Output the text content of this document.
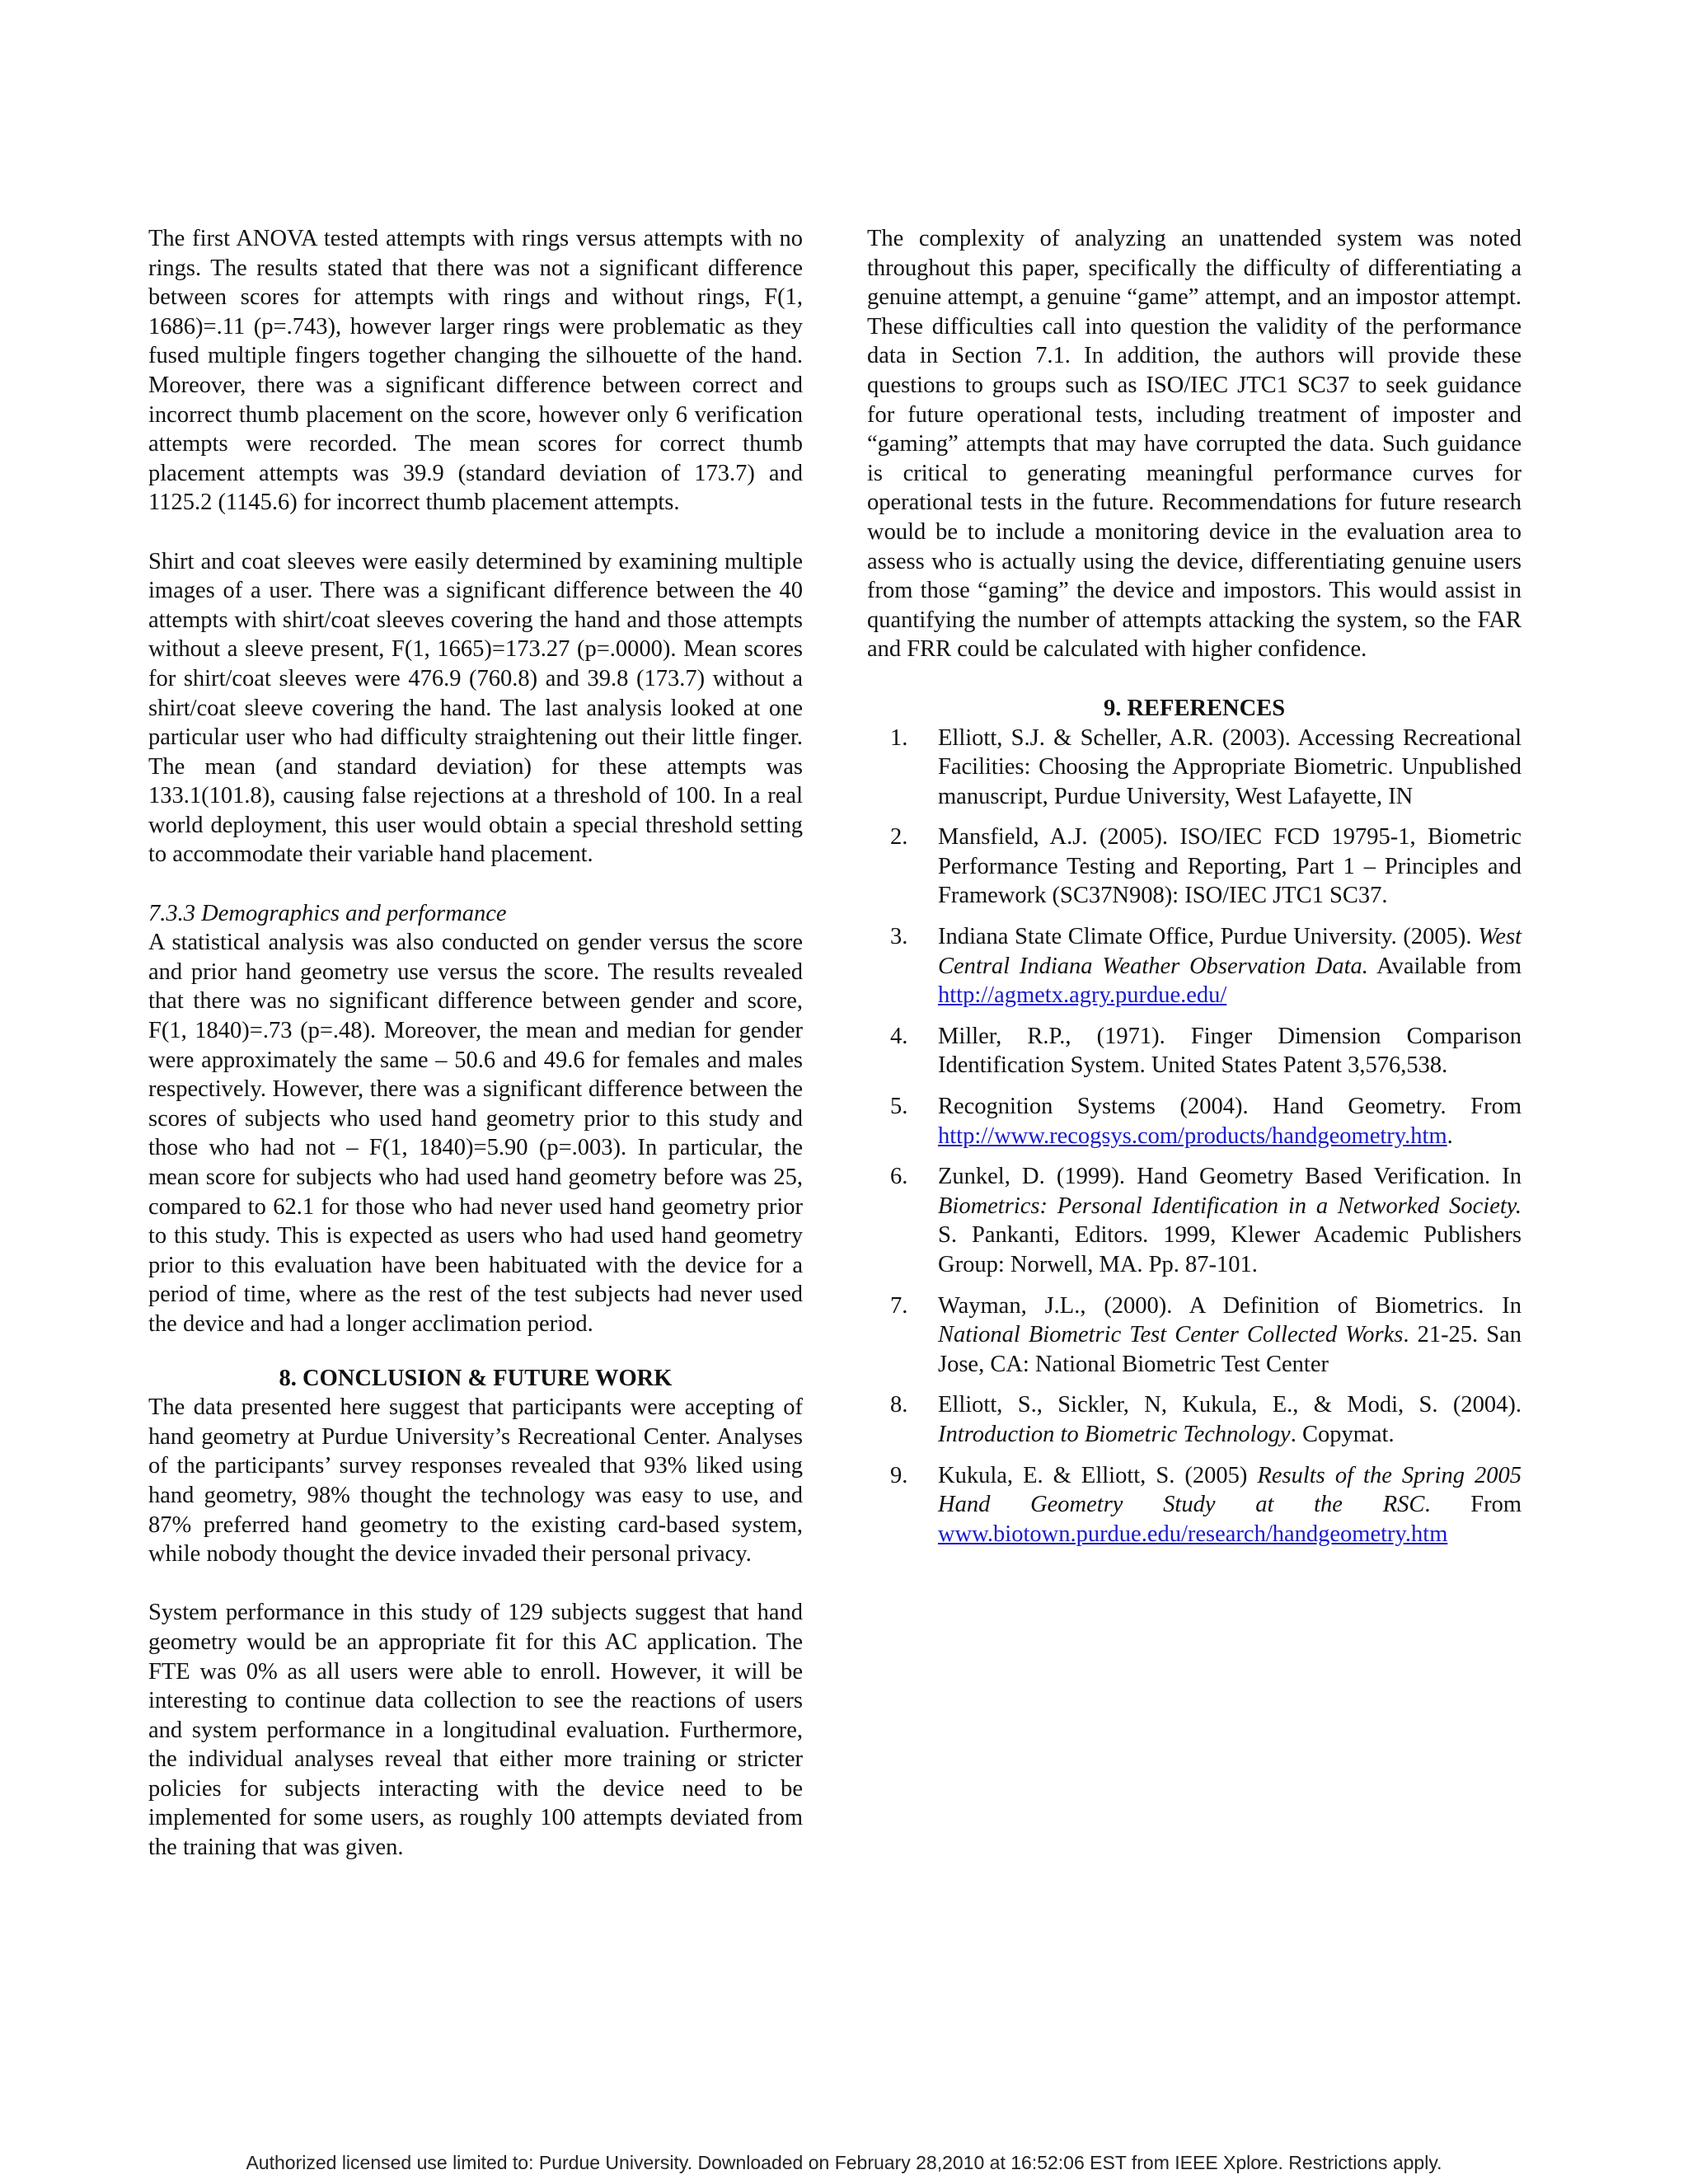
The first ANOVA tested attempts with rings versus attempts with no rings. The results stated that there was not a significant difference between scores for attempts with rings and without rings, F(1, 1686)=.11 (p=.743), however larger rings were problematic as they fused multiple fingers together changing the silhouette of the hand. Moreover, there was a significant difference between correct and incorrect thumb placement on the score, however only 6 verification attempts were recorded. The mean scores for correct thumb placement attempts was 39.9 (standard deviation of 173.7) and 1125.2 (1145.6) for incorrect thumb placement attempts.

Shirt and coat sleeves were easily determined by examining multiple images of a user. There was a significant difference between the 40 attempts with shirt/coat sleeves covering the hand and those attempts without a sleeve present, F(1, 1665)=173.27 (p=.0000). Mean scores for shirt/coat sleeves were 476.9 (760.8) and 39.8 (173.7) without a shirt/coat sleeve covering the hand. The last analysis looked at one particular user who had difficulty straightening out their little finger. The mean (and standard deviation) for these attempts was 133.1(101.8), causing false rejections at a threshold of 100. In a real world deployment, this user would obtain a special threshold setting to accommodate their variable hand placement.

7.3.3 Demographics and performance

A statistical analysis was also conducted on gender versus the score and prior hand geometry use versus the score. The results revealed that there was no significant difference between gender and score, F(1, 1840)=.73 (p=.48). Moreover, the mean and median for gender were approximately the same – 50.6 and 49.6 for females and males respectively. However, there was a significant difference between the scores of subjects who used hand geometry prior to this study and those who had not – F(1, 1840)=5.90 (p=.003). In particular, the mean score for subjects who had used hand geometry before was 25, compared to 62.1 for those who had never used hand geometry prior to this study. This is expected as users who had used hand geometry prior to this evaluation have been habituated with the device for a period of time, where as the rest of the test subjects had never used the device and had a longer acclimation period.

8. CONCLUSION & FUTURE WORK

The data presented here suggest that participants were accepting of hand geometry at Purdue University’s Recreational Center. Analyses of the participants’ survey responses revealed that 93% liked using hand geometry, 98% thought the technology was easy to use, and 87% preferred hand geometry to the existing card-based system, while nobody thought the device invaded their personal privacy.

System performance in this study of 129 subjects suggest that hand geometry would be an appropriate fit for this AC application. The FTE was 0% as all users were able to enroll. However, it will be interesting to continue data collection to see the reactions of users and system performance in a longitudinal evaluation. Furthermore, the individual analyses reveal that either more training or stricter policies for subjects interacting with the device need to be implemented for some users, as roughly 100 attempts deviated from the training that was given.

The complexity of analyzing an unattended system was noted throughout this paper, specifically the difficulty of differentiating a genuine attempt, a genuine “game” attempt, and an impostor attempt. These difficulties call into question the validity of the performance data in Section 7.1. In addition, the authors will provide these questions to groups such as ISO/IEC JTC1 SC37 to seek guidance for future operational tests, including treatment of imposter and “gaming” attempts that may have corrupted the data. Such guidance is critical to generating meaningful performance curves for operational tests in the future. Recommendations for future research would be to include a monitoring device in the evaluation area to assess who is actually using the device, differentiating genuine users from those “gaming” the device and impostors. This would assist in quantifying the number of attempts attacking the system, so the FAR and FRR could be calculated with higher confidence.

9. REFERENCES
1. Elliott, S.J. & Scheller, A.R. (2003). Accessing Recreational Facilities: Choosing the Appropriate Biometric. Unpublished manuscript, Purdue University, West Lafayette, IN
2. Mansfield, A.J. (2005). ISO/IEC FCD 19795-1, Biometric Performance Testing and Reporting, Part 1 – Principles and Framework (SC37N908): ISO/IEC JTC1 SC37.
3. Indiana State Climate Office, Purdue University. (2005). West Central Indiana Weather Observation Data. Available from http://agmetx.agry.purdue.edu/
4. Miller, R.P., (1971). Finger Dimension Comparison Identification System. United States Patent 3,576,538.
5. Recognition Systems (2004). Hand Geometry. From http://www.recogsys.com/products/handgeometry.htm.
6. Zunkel, D. (1999). Hand Geometry Based Verification. In Biometrics: Personal Identification in a Networked Society. S. Pankanti, Editors. 1999, Klewer Academic Publishers Group: Norwell, MA. Pp. 87-101.
7. Wayman, J.L., (2000). A Definition of Biometrics. In National Biometric Test Center Collected Works. 21-25. San Jose, CA: National Biometric Test Center
8. Elliott, S., Sickler, N, Kukula, E., & Modi, S. (2004). Introduction to Biometric Technology. Copymat.
9. Kukula, E. & Elliott, S. (2005) Results of the Spring 2005 Hand Geometry Study at the RSC. From www.biotown.purdue.edu/research/handgeometry.htm
Authorized licensed use limited to: Purdue University. Downloaded on February 28,2010 at 16:52:06 EST from IEEE Xplore. Restrictions apply.
